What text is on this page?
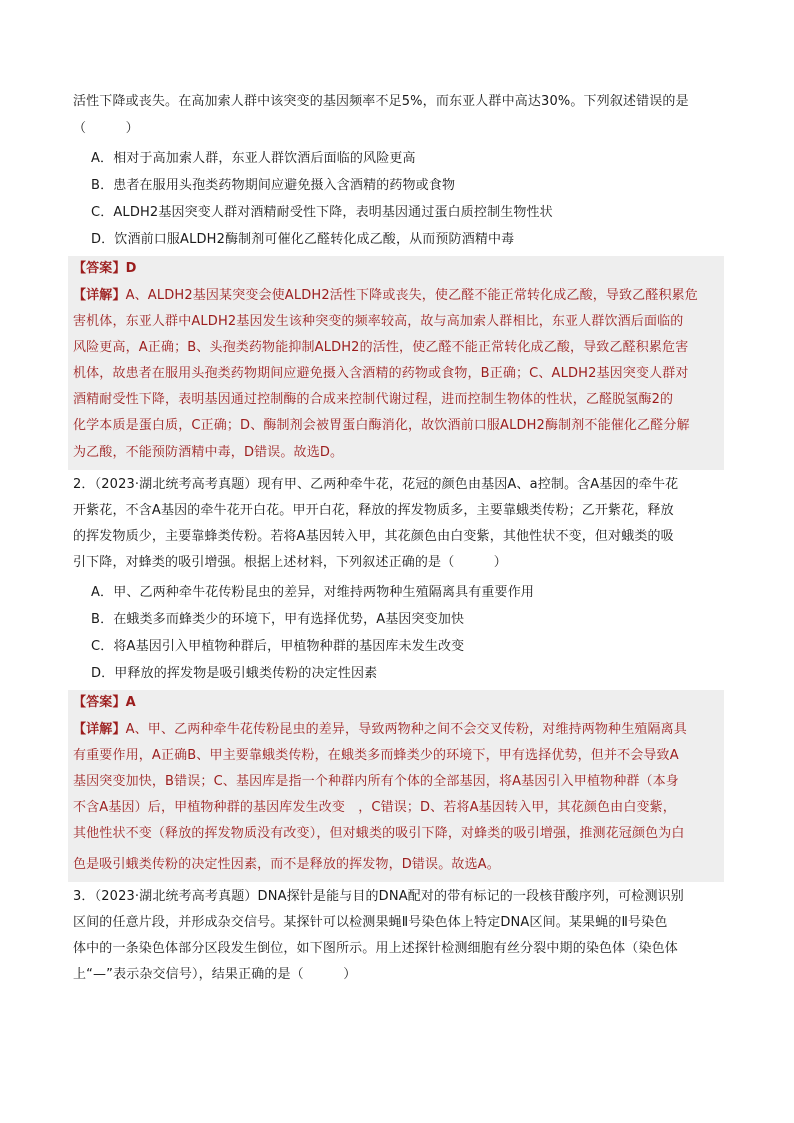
活性下降或丧失。在高加索人群中该突变的基因频率不足5%，而东亚人群中高达30%。下列叙述错误的是
（　　　）
A．相对于高加索人群，东亚人群饮酒后面临的风险更高
B．患者在服用头孢类药物期间应避免摄入含酒精的药物或食物
C．ALDH2基因突变人群对酒精耐受性下降，表明基因通过蛋白质控制生物性状
D．饮酒前口服ALDH2酶制剂可催化乙醛转化成乙酸，从而预防酒精中毒
【答案】D
【详解】A、ALDH2基因某突变会使ALDH2活性下降或丧失，使乙醛不能正常转化成乙酸，导致乙醛积累危
害机体，东亚人群中ALDH2基因发生该种突变的频率较高，故与高加索人群相比，东亚人群饮酒后面临的
风险更高，A正确；B、头孢类药物能抑制ALDH2的活性，使乙醛不能正常转化成乙酸，导致乙醛积累危害
机体，故患者在服用头孢类药物期间应避免摄入含酒精的药物或食物，B正确；C、ALDH2基因突变人群对
酒精耐受性下降，表明基因通过控制酶的合成来控制代谢过程，进而控制生物体的性状，乙醛脱氢酶2的
化学本质是蛋白质，C正确；D、酶制剂会被胃蛋白酶消化，故饮酒前口服ALDH2酶制剂不能催化乙醛分解
为乙酸，不能预防酒精中毒，D错误。故选D。
2．（2023·湖北统考高考真题）现有甲、乙两种牵牛花，花冠的颜色由基因A、a控制。含A基因的牵牛花
开紫花，不含A基因的牵牛花开白花。甲开白花，释放的挥发物质多，主要靠蛾类传粉；乙开紫花，释放
的挥发物质少，主要靠蜂类传粉。若将A基因转入甲，其花颜色由白变紫，其他性状不变，但对蛾类的吸
引下降，对蜂类的吸引增强。根据上述材料，下列叙述正确的是（　　　）
A．甲、乙两种牵牛花传粉昆虫的差异，对维持两物种生殖隔离具有重要作用
B．在蛾类多而蜂类少的环境下，甲有选择优势，A基因突变加快
C．将A基因引入甲植物种群后，甲植物种群的基因库未发生改变
D．甲释放的挥发物是吸引蛾类传粉的决定性因素
【答案】A
【详解】A、甲、乙两种牵牛花传粉昆虫的差异，导致两物种之间不会交叉传粉，对维持两物种生殖隔离具
有重要作用，A正确B、甲主要靠蛾类传粉，在蛾类多而蜂类少的环境下，甲有选择优势，但并不会导致A
基因突变加快，B错误；C、基因库是指一个种群内所有个体的全部基因，将A基因引入甲植物种群（本身
不含A基因）后，甲植物种群的基因库发生改变　，C错误；D、若将A基因转入甲，其花颜色由白变紫，
其他性状不变（释放的挥发物质没有改变），但对蛾类的吸引下降，对蜂类的吸引增强，推测花冠颜色为白
色是吸引蛾类传粉的决定性因素，而不是释放的挥发物，D错误。故选A。
3．（2023·湖北统考高考真题）DNA探针是能与目的DNA配对的带有标记的一段核苷酸序列，可检测识别
区间的任意片段，并形成杂交信号。某探针可以检测果蝇Ⅱ号染色体上特定DNA区间。某果蝇的Ⅱ号染色
体中的一条染色体部分区段发生倒位，如下图所示。用上述探针检测细胞有丝分裂中期的染色体（染色体
上“—”表示杂交信号），结果正确的是（　　　）
